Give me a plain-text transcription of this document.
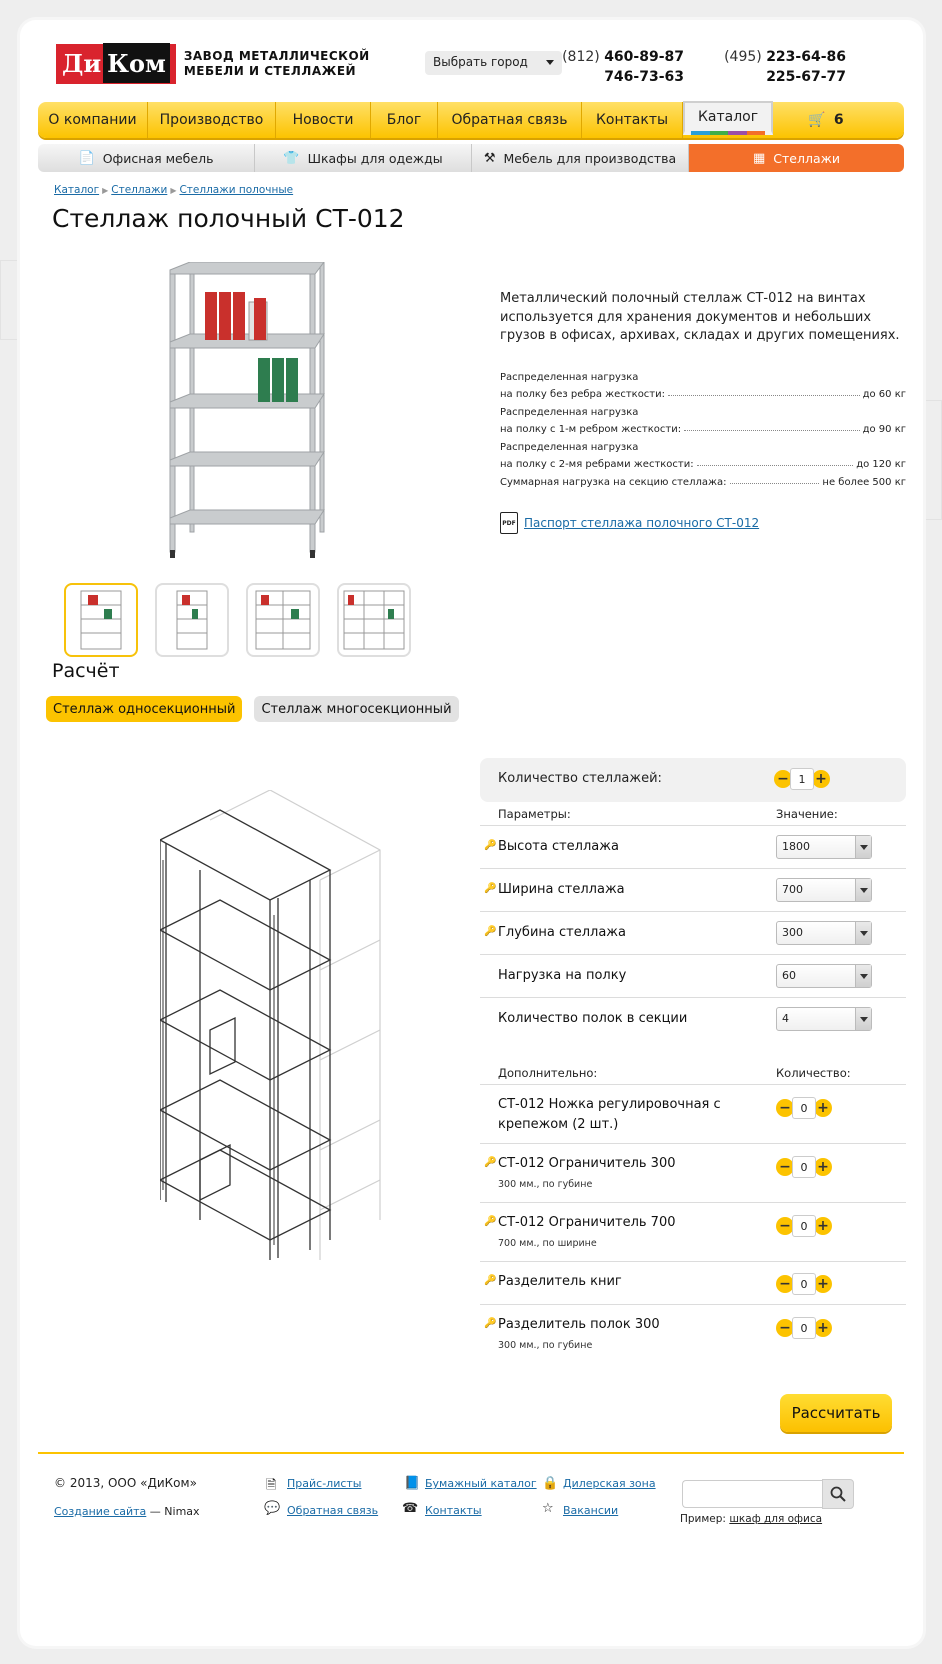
Ди Ком	ЗАВОД МЕТАЛЛИЧЕСКОЙ
МЕБЕЛИ И СТЕЛЛАЖЕЙ
Выбрать город	(812) 460-89-87
746-73-63
(495) 223-64-86
225-67-77
О компании	Производство	Новости	Блог	Обратная связь	Контакты	Каталог	🛒 6
📄 Офисная мебель	👕 Шкафы для одежды	⚒ Мебель для производства	▦ Стеллажи
Каталог ▶ Стеллажи ▶ Стеллажи полочные
Стеллаж полочный СТ-012
Металлический полочный стеллаж СТ-012 на винтах используется для хранения документов и небольших грузов в офисах, архивах, складах и других помещениях.
Распределенная нагрузка
на полку без ребра жесткости:	до 60 кг
Распределенная нагрузка
на полку с 1-м ребром жесткости:	до 90 кг
Распределенная нагрузка
на полку с 2-мя ребрами жесткости:	до 120 кг
Суммарная нагрузка на секцию стеллажа:	не более 500 кг
PDF Паспорт стеллажа полочного СТ-012
Расчёт
Стеллаж односекционный	Стеллаж многосекционный
Количество стеллажей:	− 1 +
Параметры:	Значение:
🔑 Высота стеллажа	1800
🔑 Ширина стеллажа	700
🔑 Глубина стеллажа	300
Нагрузка на полку	60
Количество полок в секции	4
Дополнительно:	Количество:
СТ-012 Ножка регулировочная с
крепежом (2 шт.)
− 0 +
🔑 СТ-012 Ограничитель 300
300 мм., по губине
− 0 +
🔑 СТ-012 Ограничитель 700
700 мм., по ширине
− 0 +
🔑 Разделитель книг	− 0 +
🔑 Разделитель полок 300
300 мм., по губине
− 0 +
Рассчитать
© 2013, ООО «ДиКом»
Создание сайта — Nimax
🗎 Прайс-листы
💬 Обратная связь
📘 Бумажный каталог
☎ Контакты
🔒 Дилерская зона
☆ Вакансии
Пример: шкаф для офиса
